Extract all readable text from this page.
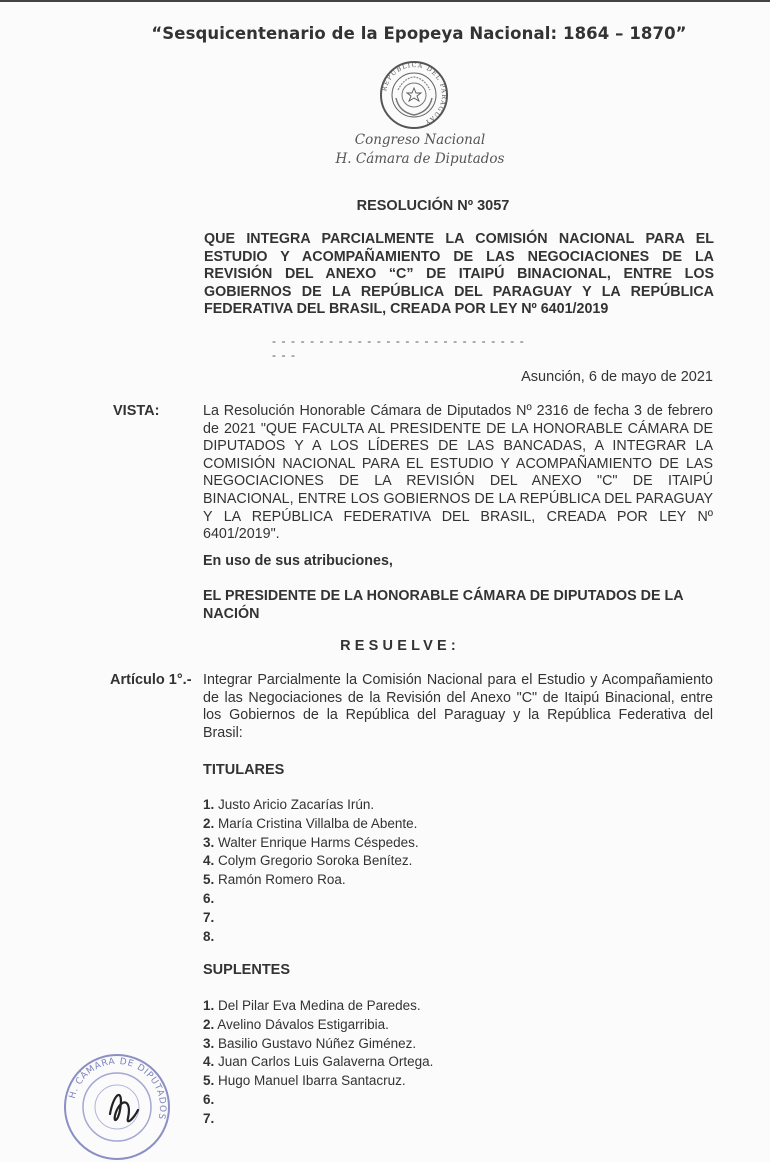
“Sesquicentenario de la Epopeya Nacional: 1864 – 1870”
REPÚBLICA DEL PARAGUAY
Congreso Nacional
H. Cámara de Diputados
RESOLUCIÓN Nº 3057
QUE INTEGRA PARCIALMENTE LA COMISIÓN NACIONAL PARA EL ESTUDIO Y ACOMPAÑAMIENTO DE LAS NEGOCIACIONES DE LA REVISIÓN DEL ANEXO “C” DE ITAIPÚ BINACIONAL, ENTRE LOS GOBIERNOS DE LA REPÚBLICA DEL PARAGUAY Y LA REPÚBLICA FEDERATIVA DEL BRASIL, CREADA POR LEY Nº 6401/2019
- - - - - - - - - - - - - - - - - - - - - - - - - - - - - -
Asunción, 6 de mayo de 2021
VISTA:	La Resolución Honorable Cámara de Diputados Nº 2316 de fecha 3 de febrero de 2021 "QUE FACULTA AL PRESIDENTE DE LA HONORABLE CÁMARA DE DIPUTADOS Y A LOS LÍDERES DE LAS BANCADAS, A INTEGRAR LA COMISIÓN NACIONAL PARA EL ESTUDIO Y ACOMPAÑAMIENTO DE LAS NEGOCIACIONES DE LA REVISIÓN DEL ANEXO "C" DE ITAIPÚ BINACIONAL, ENTRE LOS GOBIERNOS DE LA REPÚBLICA DEL PARAGUAY Y LA REPÚBLICA FEDERATIVA DEL BRASIL, CREADA POR LEY Nº 6401/2019".
En uso de sus atribuciones,
EL PRESIDENTE DE LA HONORABLE CÁMARA DE DIPUTADOS DE LA NACIÓN
RESUELVE:
Artículo 1°.- Integrar Parcialmente la Comisión Nacional para el Estudio y Acompañamiento de las Negociaciones de la Revisión del Anexo "C" de Itaipú Binacional, entre los Gobiernos de la República del Paraguay y la República Federativa del Brasil:
TITULARES
1. Justo Aricio Zacarías Irún.
2. María Cristina Villalba de Abente.
3. Walter Enrique Harms Céspedes.
4. Colym Gregorio Soroka Benítez.
5. Ramón Romero Roa.
6.
7.
8.
SUPLENTES
1. Del Pilar Eva Medina de Paredes.
2. Avelino Dávalos Estigarribia.
3. Basilio Gustavo Núñez Giménez.
4. Juan Carlos Luis Galaverna Ortega.
5. Hugo Manuel Ibarra Santacruz.
6.
7.
H. CÁMARA DE DIPUTADOS
